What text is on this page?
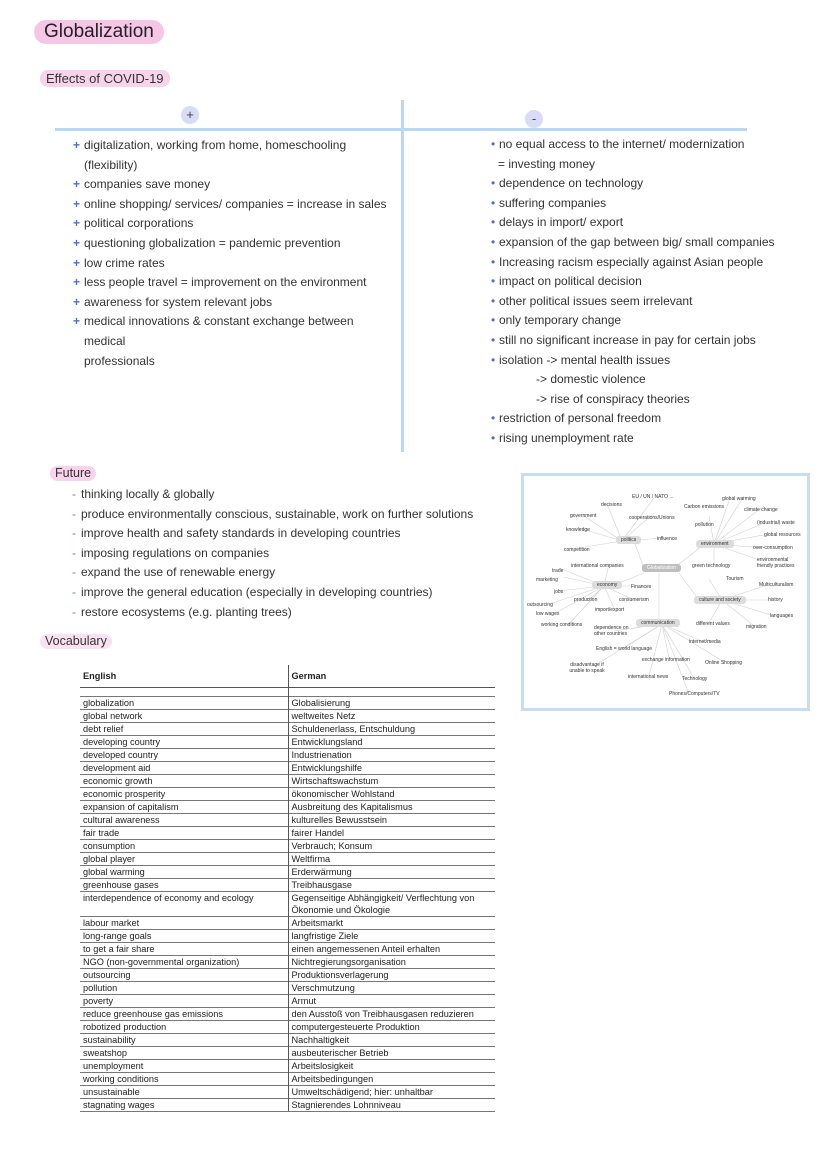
Globalization
Effects of COVID-19
+	-
+ digitalization, working from home, homeschooling (flexibility)
+ companies save money
+ online shopping/ services/ companies = increase in sales
+ political corporations
+ questioning globalization = pandemic prevention
+ low crime rates
+ less people travel = improvement on the environment
+ awareness for system relevant jobs
+ medical innovations & constant exchange between medical
professionals
• no equal access to the internet/ modernization
= investing money
• dependence on technology
• suffering companies
• delays in import/ export
• expansion of the gap between big/ small companies
• Increasing racism especially against Asian people
• impact on political decision
• other political issues seem irrelevant
• only temporary change
• still no significant increase in pay for certain jobs
• isolation -> mental health issues
-> domestic violence
-> rise of conspiracy theories
• restriction of personal freedom
• rising unemployment rate
Future
- thinking locally & globally
- produce environmentally conscious, sustainable, work on further solutions
- improve health and safety standards in developing countries
- imposing regulations on companies
- expand the use of renewable energy
- improve the general education (especially in developing countries)
- restore ecosystems (e.g. planting trees)
Globalization
politics
environment
economy
culture and society
communication
EU / UN / NATO ...
decisions
government	cooperations/Unions
knowledge
influence
competition
Carbon emissions
global warming
climate change
pollution	(industrial) waste
global resources
over-consumption
environmental friendly practices
green technology
trade
international companies
marketing
Finances
jobs
production	consumerism
outsourcing
low wages
import/export
working conditions
Tourism
Multiculturalism
history
languages
different values	migration
dependence on other countries
internet/media
English = world language
exchange information	Online Shopping
disadvantage if unable to speak
international news	Technology
Phones/Computers/TV
Vocabulary
English	German

globalization	Globalisierung
global network	weltweites Netz
debt relief	Schuldenerlass, Entschuldung
developing country	Entwicklungsland
developed country	Industrienation
development aid	Entwicklungshilfe
economic growth	Wirtschaftswachstum
economic prosperity	ökonomischer Wohlstand
expansion of capitalism	Ausbreitung des Kapitalismus
cultural awareness	kulturelles Bewusstsein
fair trade	fairer Handel
consumption	Verbrauch; Konsum
global player	Weltfirma
global warming	Erderwärmung
greenhouse gases	Treibhausgase
interdependence of economy and ecology	Gegenseitige Abhängigkeit/ Verflechtung von Ökonomie und Ökologie
labour market	Arbeitsmarkt
long-range goals	langfristige Ziele
to get a fair share	einen angemessenen Anteil erhalten
NGO (non-governmental organization)	Nichtregierungsorganisation
outsourcing	Produktionsverlagerung
pollution	Verschmutzung
poverty	Armut
reduce greenhouse gas emissions	den Ausstoß von Treibhausgasen reduzieren
robotized production	computergesteuerte Produktion
sustainability	Nachhaltigkeit
sweatshop	ausbeuterischer Betrieb
unemployment	Arbeitslosigkeit
working conditions	Arbeitsbedingungen
unsustainable	Umweltschädigend; hier: unhaltbar
stagnating wages	Stagnierendes Lohnniveau
